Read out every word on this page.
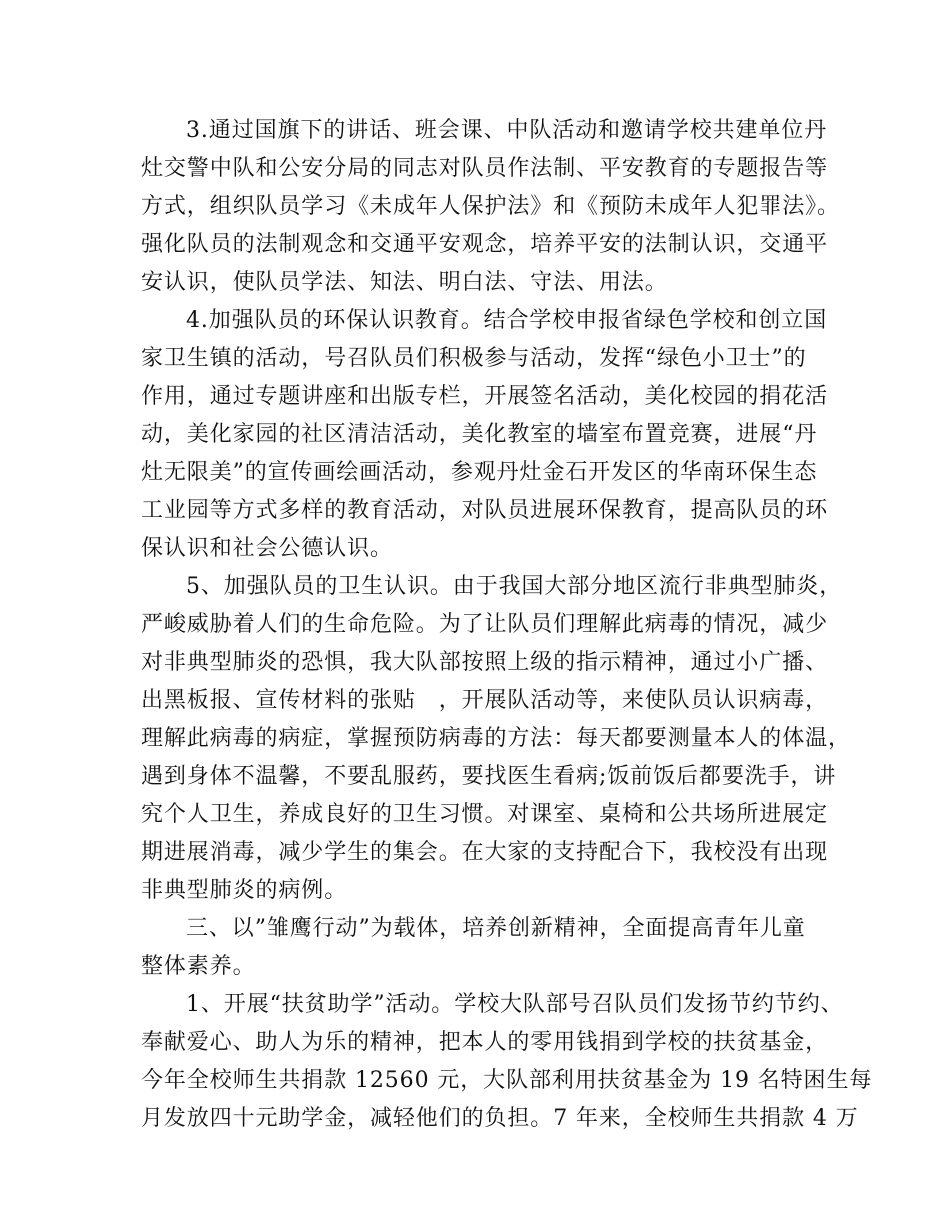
3.通过国旗下的讲话、班会课、中队活动和邀请学校共建单位丹
灶交警中队和公安分局的同志对队员作法制、平安教育的专题报告等
方式，组织队员学习《未成年人保护法》和《预防未成年人犯罪法》。
强化队员的法制观念和交通平安观念，培养平安的法制认识，交通平
安认识，使队员学法、知法、明白法、守法、用法。
4.加强队员的环保认识教育。结合学校申报省绿色学校和创立国
家卫生镇的活动，号召队员们积极参与活动，发挥“绿色小卫士”的
作用，通过专题讲座和出版专栏，开展签名活动，美化校园的捐花活
动，美化家园的社区清洁活动，美化教室的墙室布置竞赛，进展“丹
灶无限美”的宣传画绘画活动，参观丹灶金石开发区的华南环保生态
工业园等方式多样的教育活动，对队员进展环保教育，提高队员的环
保认识和社会公德认识。
5、加强队员的卫生认识。由于我国大部分地区流行非典型肺炎，
严峻威胁着人们的生命危险。为了让队员们理解此病毒的情况，减少
对非典型肺炎的恐惧，我大队部按照上级的指示精神，通过小广播、
出黑板报、宣传材料的张贴　，开展队活动等，来使队员认识病毒，
理解此病毒的病症，掌握预防病毒的方法：每天都要测量本人的体温，
遇到身体不温馨，不要乱服药，要找医生看病;饭前饭后都要洗手，讲
究个人卫生，养成良好的卫生习惯。对课室、桌椅和公共场所进展定
期进展消毒，减少学生的集会。在大家的支持配合下，我校没有出现
非典型肺炎的病例。
三、以”雏鹰行动”为载体，培养创新精神，全面提高青年儿童
整体素养。
1、开展“扶贫助学”活动。学校大队部号召队员们发扬节约节约、
奉献爱心、助人为乐的精神，把本人的零用钱捐到学校的扶贫基金，
今年全校师生共捐款 12560 元，大队部利用扶贫基金为 19 名特困生每
月发放四十元助学金，减轻他们的负担。7 年来，全校师生共捐款 4 万
